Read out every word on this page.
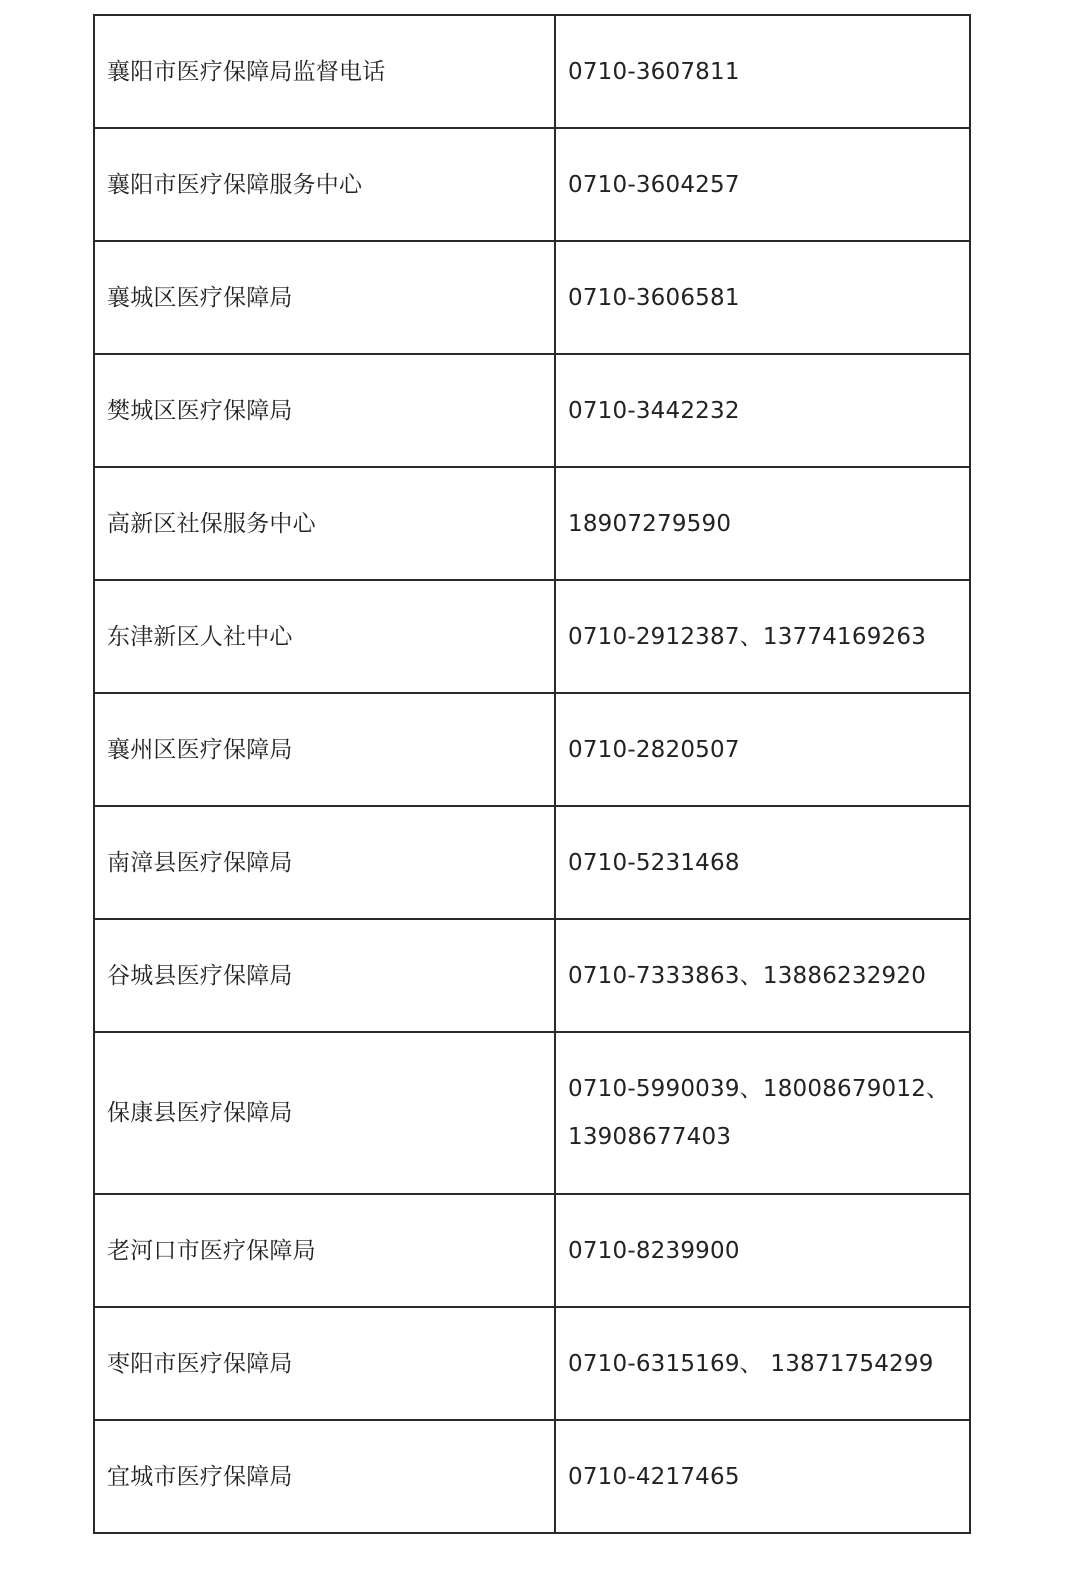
襄阳市医疗保障局监督电话	0710-3607811
襄阳市医疗保障服务中心	0710-3604257
襄城区医疗保障局	0710-3606581
樊城区医疗保障局	0710-3442232
高新区社保服务中心	18907279590
东津新区人社中心	0710-2912387、13774169263
襄州区医疗保障局	0710-2820507
南漳县医疗保障局	0710-5231468
谷城县医疗保障局	0710-7333863、13886232920
保康县医疗保障局	0710-5990039、18008679012、13908677403
老河口市医疗保障局	0710-8239900
枣阳市医疗保障局	0710-6315169、 13871754299
宜城市医疗保障局	0710-4217465
